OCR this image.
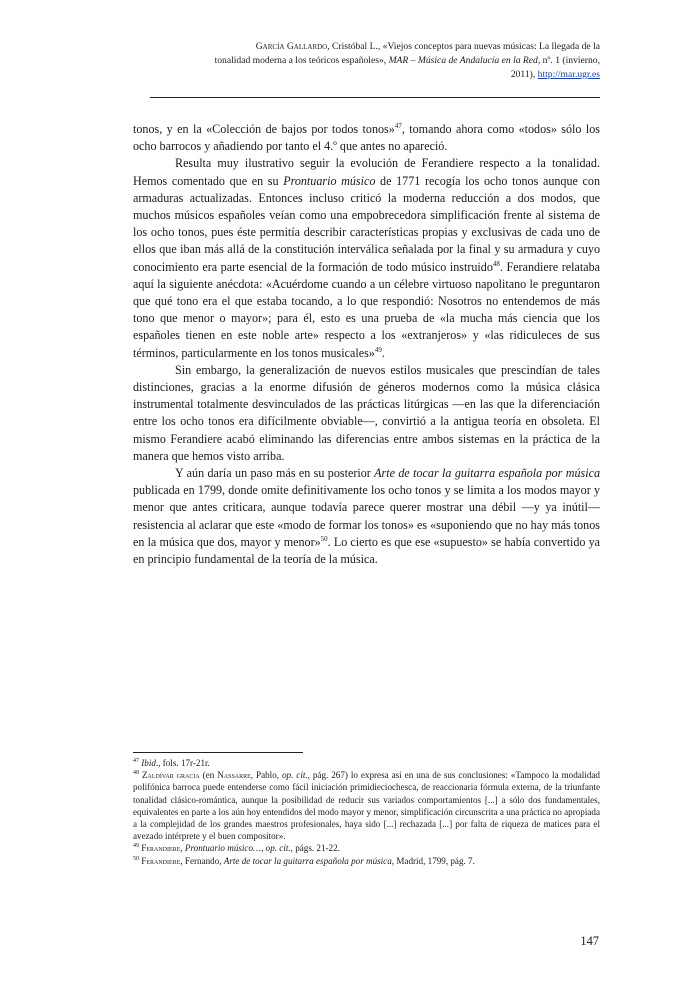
García Gallardo, Cristóbal L., «Viejos conceptos para nuevas músicas: La llegada de la
tonalidad moderna a los teóricos españoles», MAR – Música de Andalucía en la Red, nº. 1 (invierno,
2011), http://mar.ugr.es

tonos, y en la «Colección de bajos por todos tonos»$^{47}$, tomando ahora como «todos» sólo los ocho barrocos y añadiendo por tanto el 4.º que antes no apareció.

Resulta muy ilustrativo seguir la evolución de Ferandiere respecto a la tonalidad. Hemos comentado que en su Prontuario músico de 1771 recogía los ocho tonos aunque con armaduras actualizadas. Entonces incluso criticó la moderna reducción a dos modos, que muchos músicos españoles veían como una empobrecedora simplificación frente al sistema de los ocho tonos, pues éste permitía describir características propias y exclusivas de cada uno de ellos que iban más allá de la constitución interválica señalada por la final y su armadura y cuyo conocimiento era parte esencial de la formación de todo músico instruido$^{48}$. Ferandiere relataba aquí la siguiente anécdota: «Acuérdome cuando a un célebre virtuoso napolitano le preguntaron que qué tono era el que estaba tocando, a lo que respondió: Nosotros no entendemos de más tono que menor o mayor»; para él, esto es una prueba de «la mucha más ciencia que los españoles tienen en este noble arte» respecto a los «extranjeros» y «las ridiculeces de sus términos, particularmente en los tonos musicales»$^{49}$.

Sin embargo, la generalización de nuevos estilos musicales que prescindían de tales distinciones, gracias a la enorme difusión de géneros modernos como la música clásica instrumental totalmente desvinculados de las prácticas litúrgicas —en las que la diferenciación entre los ocho tonos era difícilmente obviable—, convirtió a la antigua teoría en obsoleta. El mismo Ferandiere acabó eliminando las diferencias entre ambos sistemas en la práctica de la manera que hemos visto arriba.

Y aún daría un paso más en su posterior Arte de tocar la guitarra española por música publicada en 1799, donde omite definitivamente los ocho tonos y se limita a los modos mayor y menor que antes criticara, aunque todavía parece querer mostrar una débil —y ya inútil— resistencia al aclarar que este «modo de formar los tonos» es «suponiendo que no hay más tonos en la música que dos, mayor y menor»$^{50}$. Lo cierto es que ese «supuesto» se había convertido ya en principio fundamental de la teoría de la música.

$^{47}$ Ibid., fols. 17r-21r.

$^{48}$ Zaldívar gracia (en Nassarre, Pablo, op. cit., pág. 267) lo expresa así en una de sus conclusiones: «Tampoco la modalidad polifónica barroca puede entenderse como fácil iniciación primidieciochesca, de reaccionaria fórmula externa, de la triunfante tonalidad clásico-romántica, aunque la posibilidad de reducir sus variados comportamientos [...] a sólo dos fundamentales, equivalentes en parte a los aún hoy entendidos del modo mayor y menor, simplificación circunscrita a una práctica no apropiada a la complejidad de los grandes maestros profesionales, haya sido [...] rechazada [...] por falta de riqueza de matices para el avezado intérprete y el buen compositor».

$^{49}$ Ferandiere, Prontuario músico…, op. cit., págs. 21-22.

$^{50}$ Ferandiere, Fernando, Arte de tocar la guitarra española por música, Madrid, 1799, pág. 7.

147
